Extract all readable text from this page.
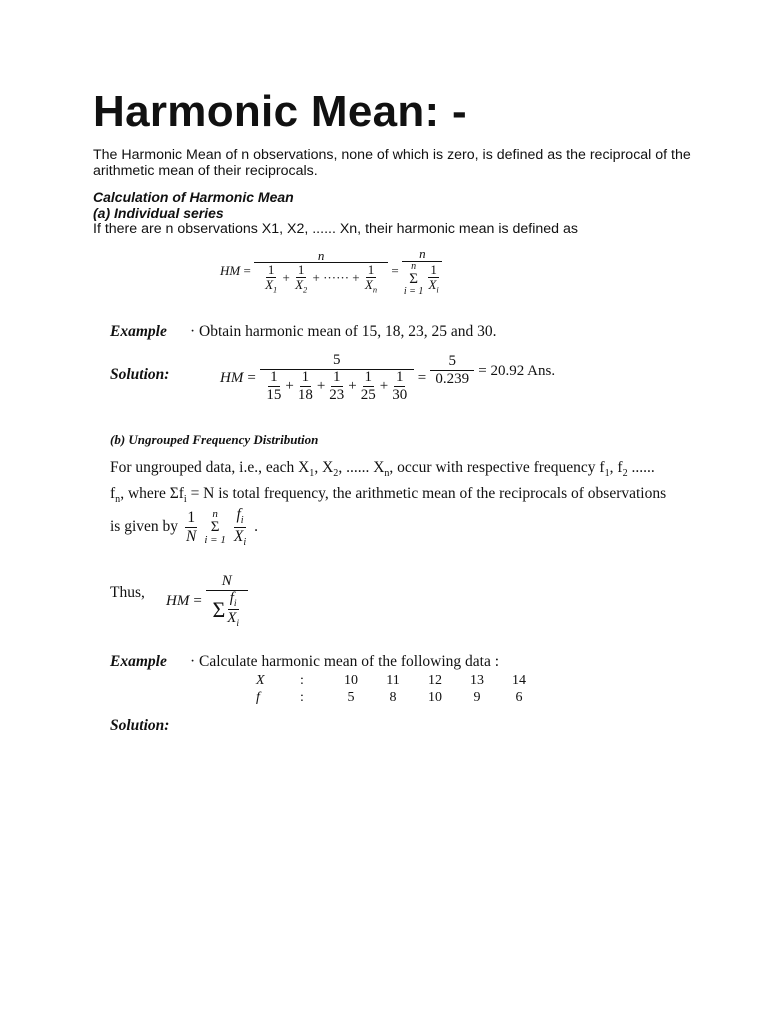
Harmonic Mean: -

The Harmonic Mean of n observations, none of which is zero, is defined as the reciprocal of the arithmetic mean of their reciprocals.

Calculation of Harmonic Mean
(a) Individual series
If there are n observations X1, X2, ...... Xn, their harmonic mean is defined as
HM = $\frac{n}{\frac{1}{X_1} + \frac{1}{X_2} + \cdot\cdot\cdot\cdot\cdot\cdot + \frac{1}{X_n}} = n$
n
Σ
$i = 1 \frac{1}{X_i}$
Example · Obtain harmonic mean of 15, 18, 23, 25 and 30.
Solution:	HM = $\frac{5}{\frac{1}{15} + \frac{1}{18} + \frac{1}{23} + \frac{1}{25} + \frac{1}{30}} = \frac{5}{0.239} = 20.92$ Ans.
(b) Ungrouped Frequency Distribution
For ungrouped data, i.e., each $X_1$, $X_2$, ...... $X_n$, occur with respective frequency $f_1$, $f_2$ ......
$f_n$, where $\Sigma f_i = N$ is total frequency, the arithmetic mean of the reciprocals of observations
is given by $\frac{1}{N}$ n
Σ
$i = 1 \frac{f_i}{X_i}$ .
Thus,
HM = $\frac{N}{\Sigma \frac{f_i}{X_i}}$
Example · Calculate harmonic mean of the following data :
X	:	10	11	12	13	14
f	:	5	8	10	9	6
Solution:
